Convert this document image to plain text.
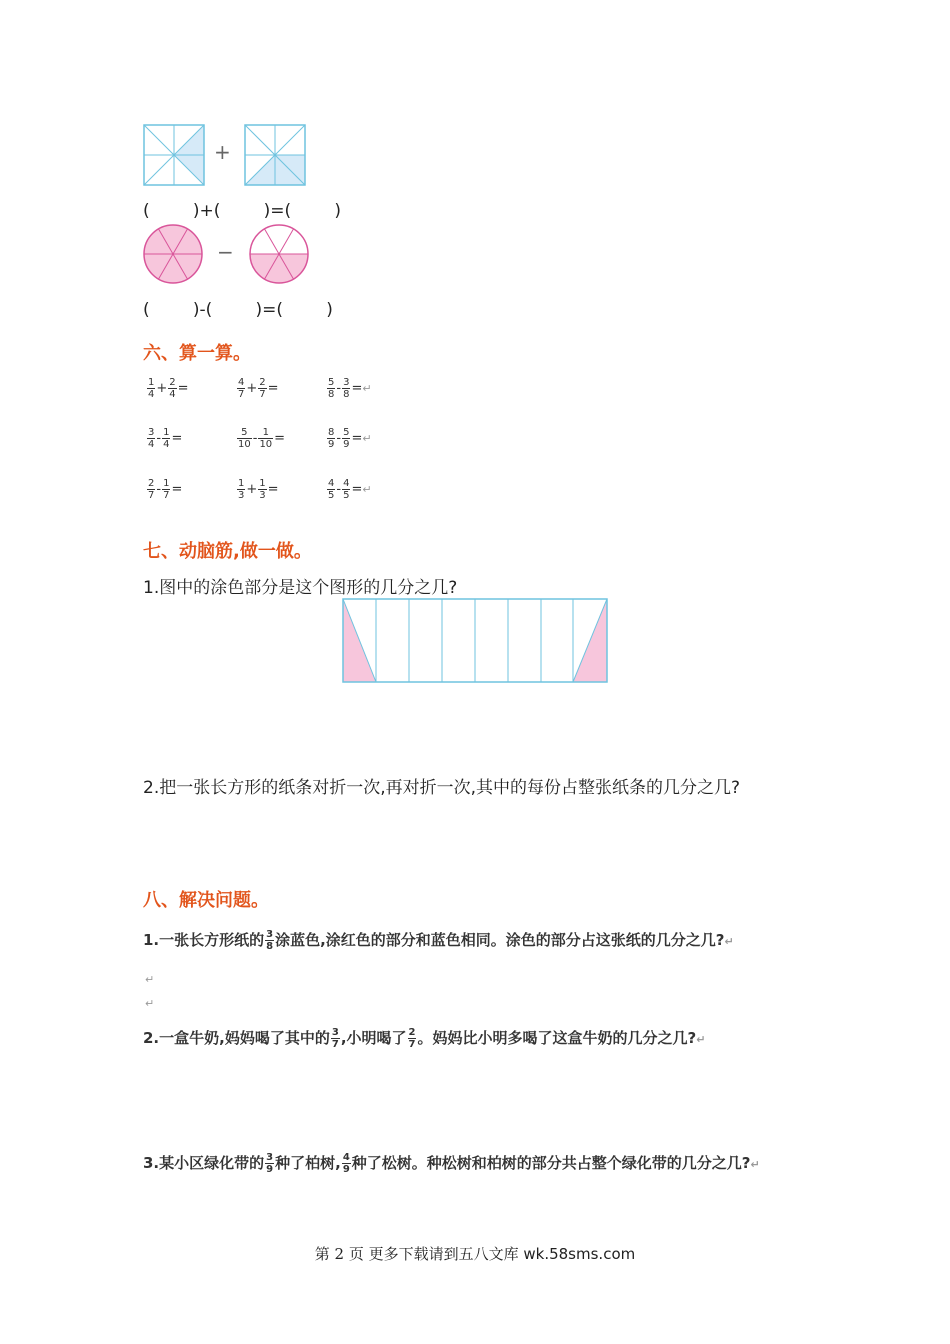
+
(        )+(        )=(        )
−
(        )-(        )=(        )
六、算一算。
$\frac{1}{4} + \frac{2}{4}$ =	$\frac{4}{7} + \frac{2}{7}$ =	$\frac{5}{8} - \frac{3}{8}$ =↵
$\frac{3}{4} - \frac{1}{4}$ =	$\frac{5}{10} - \frac{1}{10}$ =	$\frac{8}{9} - \frac{5}{9}$ =↵
$\frac{2}{7} - \frac{1}{7}$ =	$\frac{1}{3} + \frac{1}{3}$ =	$\frac{4}{5} - \frac{4}{5}$ =↵
七、动脑筋,做一做。
1.图中的涂色部分是这个图形的几分之几?
2.把一张长方形的纸条对折一次,再对折一次,其中的每份占整张纸条的几分之几?
八、解决问题。
1.一张长方形纸的 $\frac{3}{8}$ 涂蓝色,涂红色的部分和蓝色相同。涂色的部分占这张纸的几分之几?↵
↵
↵
2.一盒牛奶,妈妈喝了其中的 $\frac{3}{7}$ ,小明喝了 $\frac{2}{7}$ 。妈妈比小明多喝了这盒牛奶的几分之几?↵
3.某小区绿化带的 $\frac{3}{9}$ 种了柏树, $\frac{4}{9}$ 种了松树。种松树和柏树的部分共占整个绿化带的几分之几?↵
第 2 页 更多下载请到五八文库 wk.58sms.com
